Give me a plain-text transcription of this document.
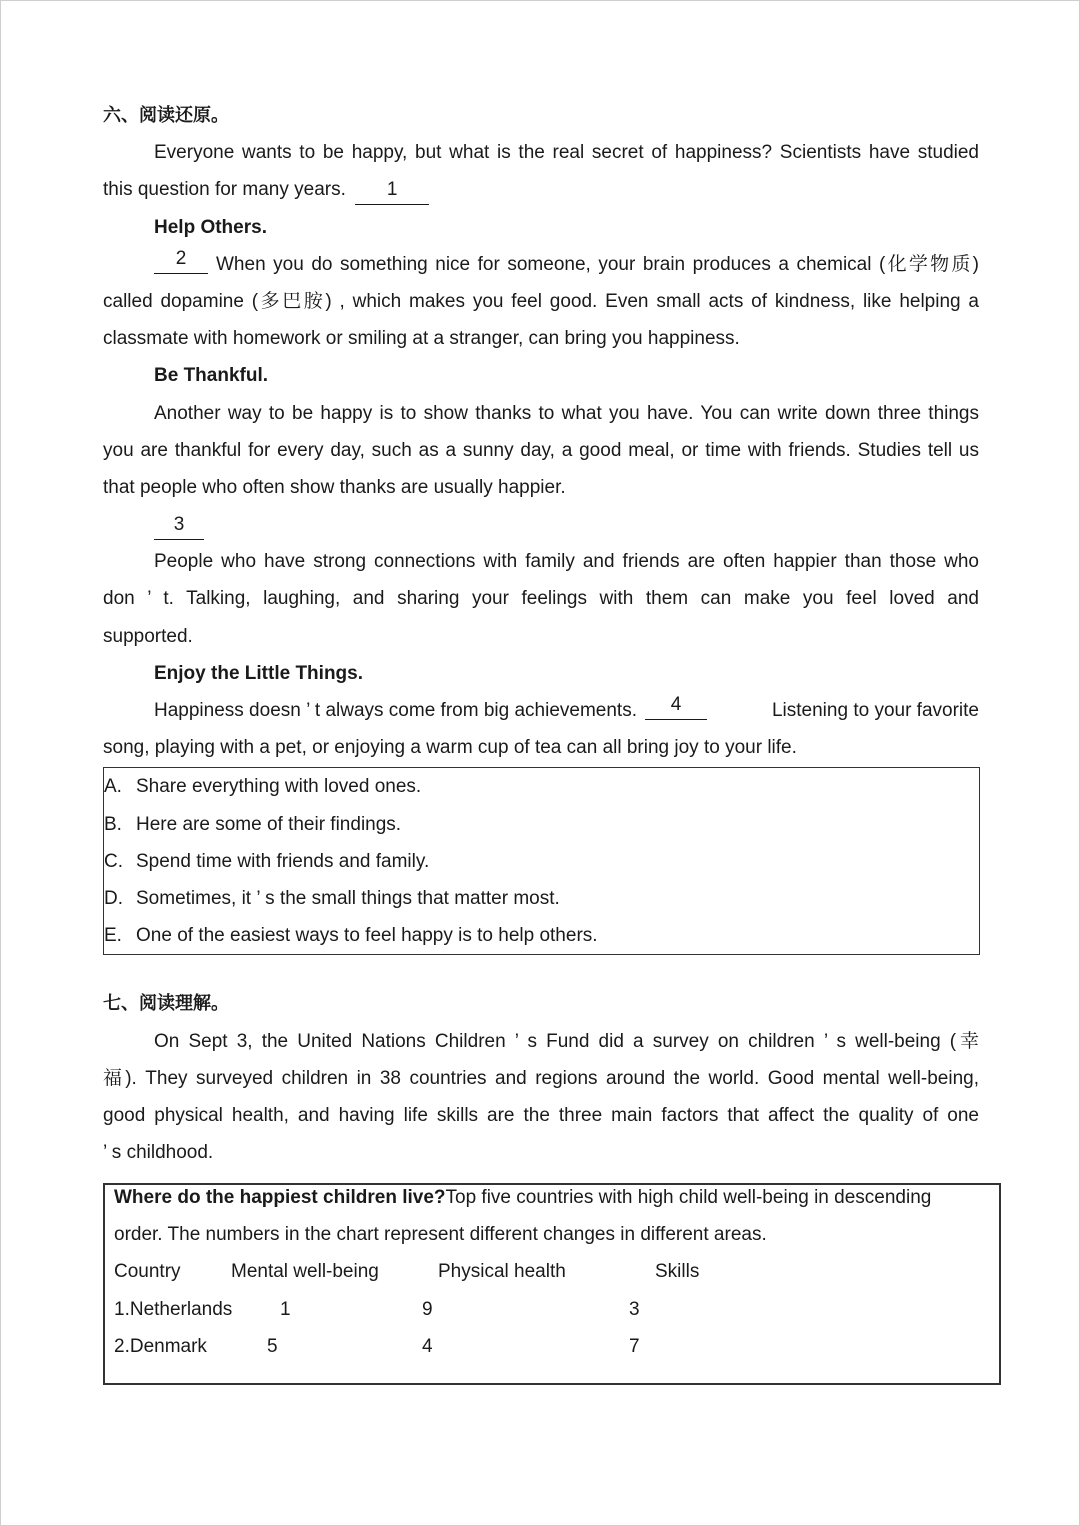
六、阅读还原。
Everyone wants to be happy, but what is the real secret of happiness? Scientists have studied
this question for many years. 1
Help Others.
2	When you do something nice for someone, your brain produces a chemical (化学物质)
called dopamine (多巴胺) , which makes you feel good. Even small acts of kindness, like helping a
classmate with homework or smiling at a stranger, can bring you happiness.
Be Thankful.
Another way to be happy is to show thanks to what you have. You can write down three things
you are thankful for every day, such as a sunny day, a good meal, or time with friends. Studies tell us
that people who often show thanks are usually happier.
3
People who have strong connections with family and friends are often happier than those who
don ’ t. Talking, laughing, and sharing your feelings with them can make you feel loved and
supported.
Enjoy the Little Things.
Happiness doesn ’ t always come from big achievements.	4	Listening to your favorite
song, playing with a pet, or enjoying a warm cup of tea can all bring joy to your life.
A. Share everything with loved ones.
B. Here are some of their findings.
C. Spend time with friends and family.
D. Sometimes, it ’ s the small things that matter most.
E. One of the easiest ways to feel happy is to help others.
七、阅读理解。
On Sept 3, the United Nations Children ’ s Fund did a survey on children ’ s well-being (幸
福). They surveyed children in 38 countries and regions around the world. Good mental well-being,
good physical health, and having life skills are the three main factors that affect the quality of one
’ s childhood.
Where do the happiest children live?Top five countries with high child well-being in descending
order. The numbers in the chart represent different changes in different areas.
Country	Mental well-being	Physical health	Skills
1.Netherlands	1	9	3
2.Denmark	5	4	7
